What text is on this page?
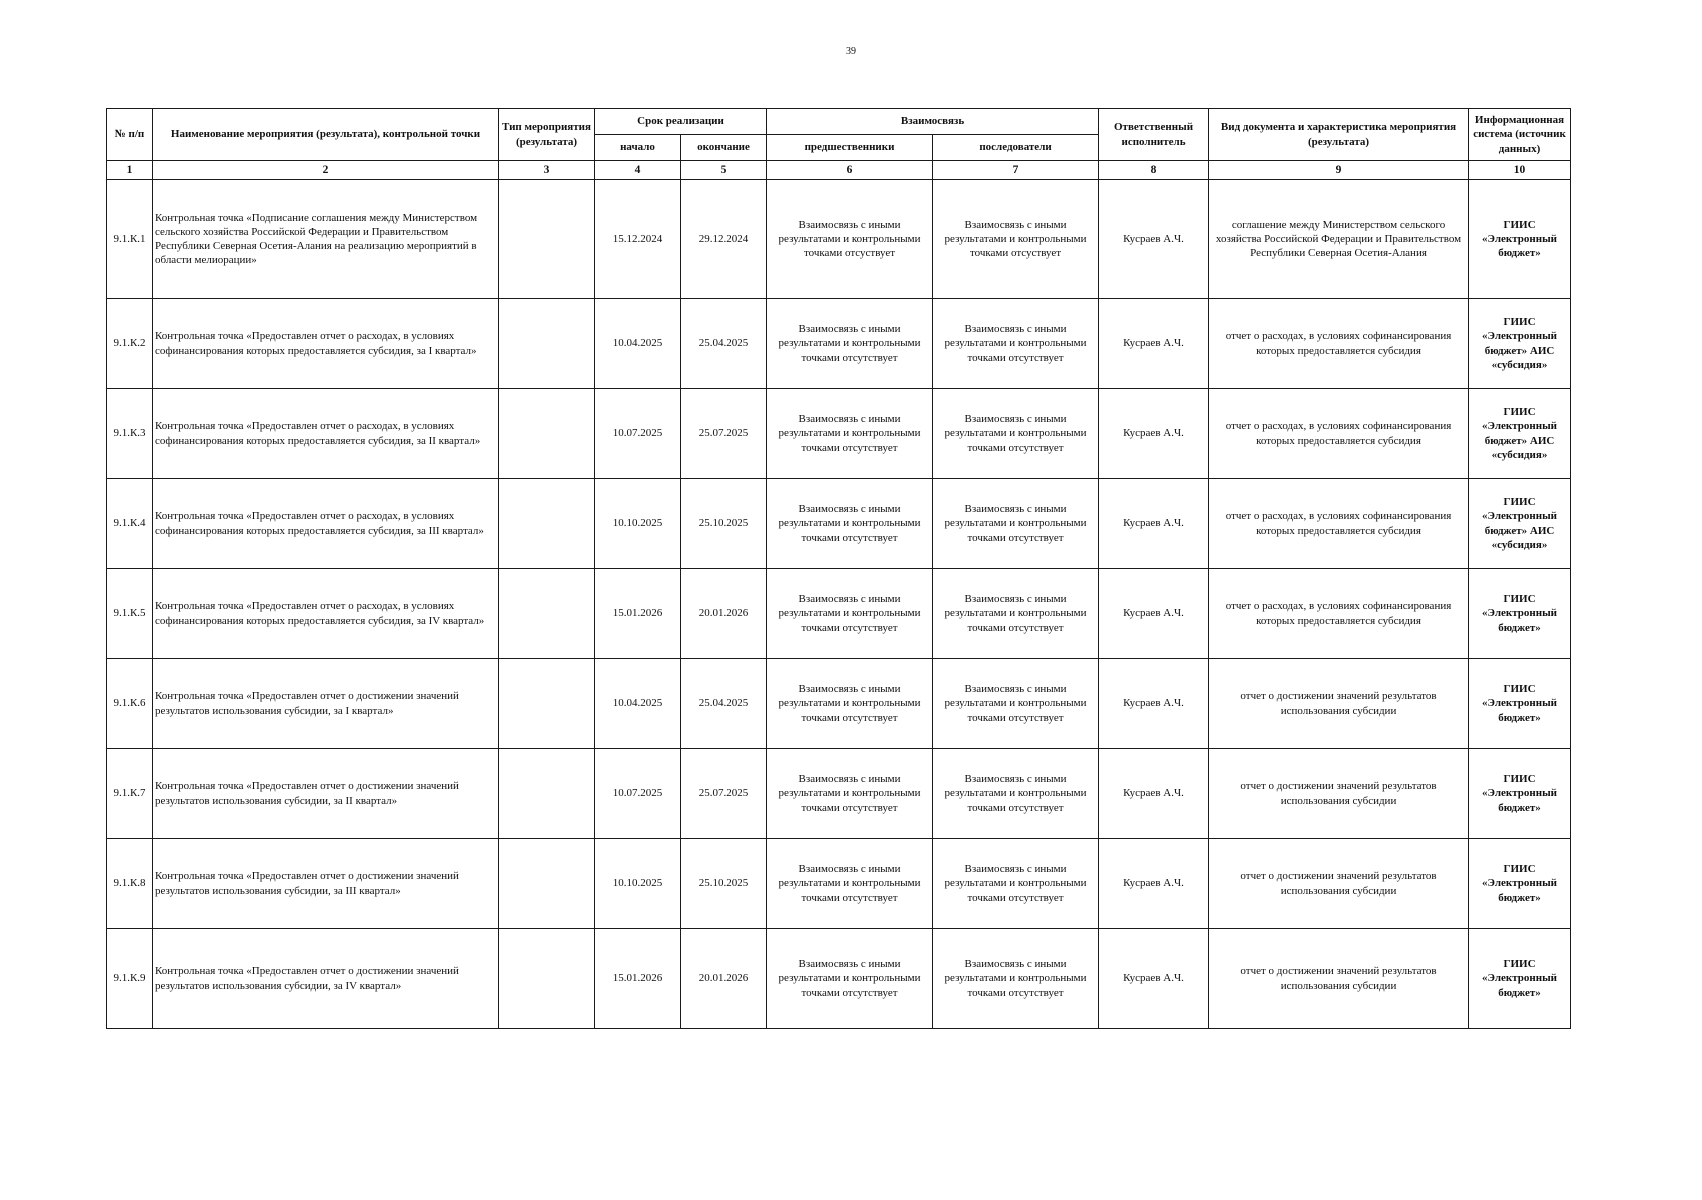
39
№ п/п	Наименование мероприятия (результата), контрольной точки	Тип мероприятия (результата)	Срок реализации		Взаимосвязь		Ответственный исполнитель	Вид документа и характеристика мероприятия (результата)	Информационная система (источник данных)
			начало	окончание	предшественники	последователи			
1	2	3	4	5	6	7	8	9	10
9.1.К.1	Контрольная точка «Подписание соглашения между Министерством сельского хозяйства Российской Федерации и Правительством Республики Северная Осетия-Алания на реализацию мероприятий в области мелиорации»		15.12.2024	29.12.2024	Взаимосвязь с иными результатами и контрольными точками отсуствует	Взаимосвязь с иными результатами и контрольными точками отсуствует	Кусраев А.Ч.	соглашение между Министерством сельского хозяйства Российской Федерации и Правительством Республики Северная Осетия-Алания	ГИИС «Электронный бюджет»
9.1.К.2	Контрольная точка «Предоставлен отчет о расходах, в условиях софинансирования которых предоставляется субсидия, за I квартал»		10.04.2025	25.04.2025	Взаимосвязь с иными результатами и контрольными точками отсутствует	Взаимосвязь с иными результатами и контрольными точками отсутствует	Кусраев А.Ч.	отчет о расходах, в условиях софинансирования которых предоставляется субсидия	ГИИС «Электронный бюджет» АИС «субсидия»
9.1.К.3	Контрольная точка «Предоставлен отчет о расходах, в условиях софинансирования которых предоставляется субсидия, за II квартал»		10.07.2025	25.07.2025	Взаимосвязь с иными результатами и контрольными точками отсутствует	Взаимосвязь с иными результатами и контрольными точками отсутствует	Кусраев А.Ч.	отчет о расходах, в условиях софинансирования которых предоставляется субсидия	ГИИС «Электронный бюджет» АИС «субсидия»
9.1.К.4	Контрольная точка «Предоставлен отчет о расходах, в условиях софинансирования которых предоставляется субсидия, за III квартал»		10.10.2025	25.10.2025	Взаимосвязь с иными результатами и контрольными точками отсутствует	Взаимосвязь с иными результатами и контрольными точками отсутствует	Кусраев А.Ч.	отчет о расходах, в условиях софинансирования которых предоставляется субсидия	ГИИС «Электронный бюджет» АИС «субсидия»
9.1.К.5	Контрольная точка «Предоставлен отчет о расходах, в условиях софинансирования которых предоставляется субсидия, за IV квартал»		15.01.2026	20.01.2026	Взаимосвязь с иными результатами и контрольными точками отсутствует	Взаимосвязь с иными результатами и контрольными точками отсутствует	Кусраев А.Ч.	отчет о расходах, в условиях софинансирования которых предоставляется субсидия	ГИИС «Электронный бюджет»
9.1.К.6	Контрольная точка «Предоставлен отчет о достижении значений результатов использования субсидии, за I квартал»		10.04.2025	25.04.2025	Взаимосвязь с иными результатами и контрольными точками отсутствует	Взаимосвязь с иными результатами и контрольными точками отсутствует	Кусраев А.Ч.	отчет о достижении значений результатов использования субсидии	ГИИС «Электронный бюджет»
9.1.К.7	Контрольная точка «Предоставлен отчет о достижении значений результатов использования субсидии, за II квартал»		10.07.2025	25.07.2025	Взаимосвязь с иными результатами и контрольными точками отсутствует	Взаимосвязь с иными результатами и контрольными точками отсутствует	Кусраев А.Ч.	отчет о достижении значений результатов использования субсидии	ГИИС «Электронный бюджет»
9.1.К.8	Контрольная точка «Предоставлен отчет о достижении значений результатов использования субсидии, за III квартал»		10.10.2025	25.10.2025	Взаимосвязь с иными результатами и контрольными точками отсутствует	Взаимосвязь с иными результатами и контрольными точками отсутствует	Кусраев А.Ч.	отчет о достижении значений результатов использования субсидии	ГИИС «Электронный бюджет»
9.1.К.9	Контрольная точка «Предоставлен отчет о достижении значений результатов использования субсидии, за IV квартал»		15.01.2026	20.01.2026	Взаимосвязь с иными результатами и контрольными точками отсутствует	Взаимосвязь с иными результатами и контрольными точками отсутствует	Кусраев А.Ч.	отчет о достижении значений результатов использования субсидии	ГИИС «Электронный бюджет»
